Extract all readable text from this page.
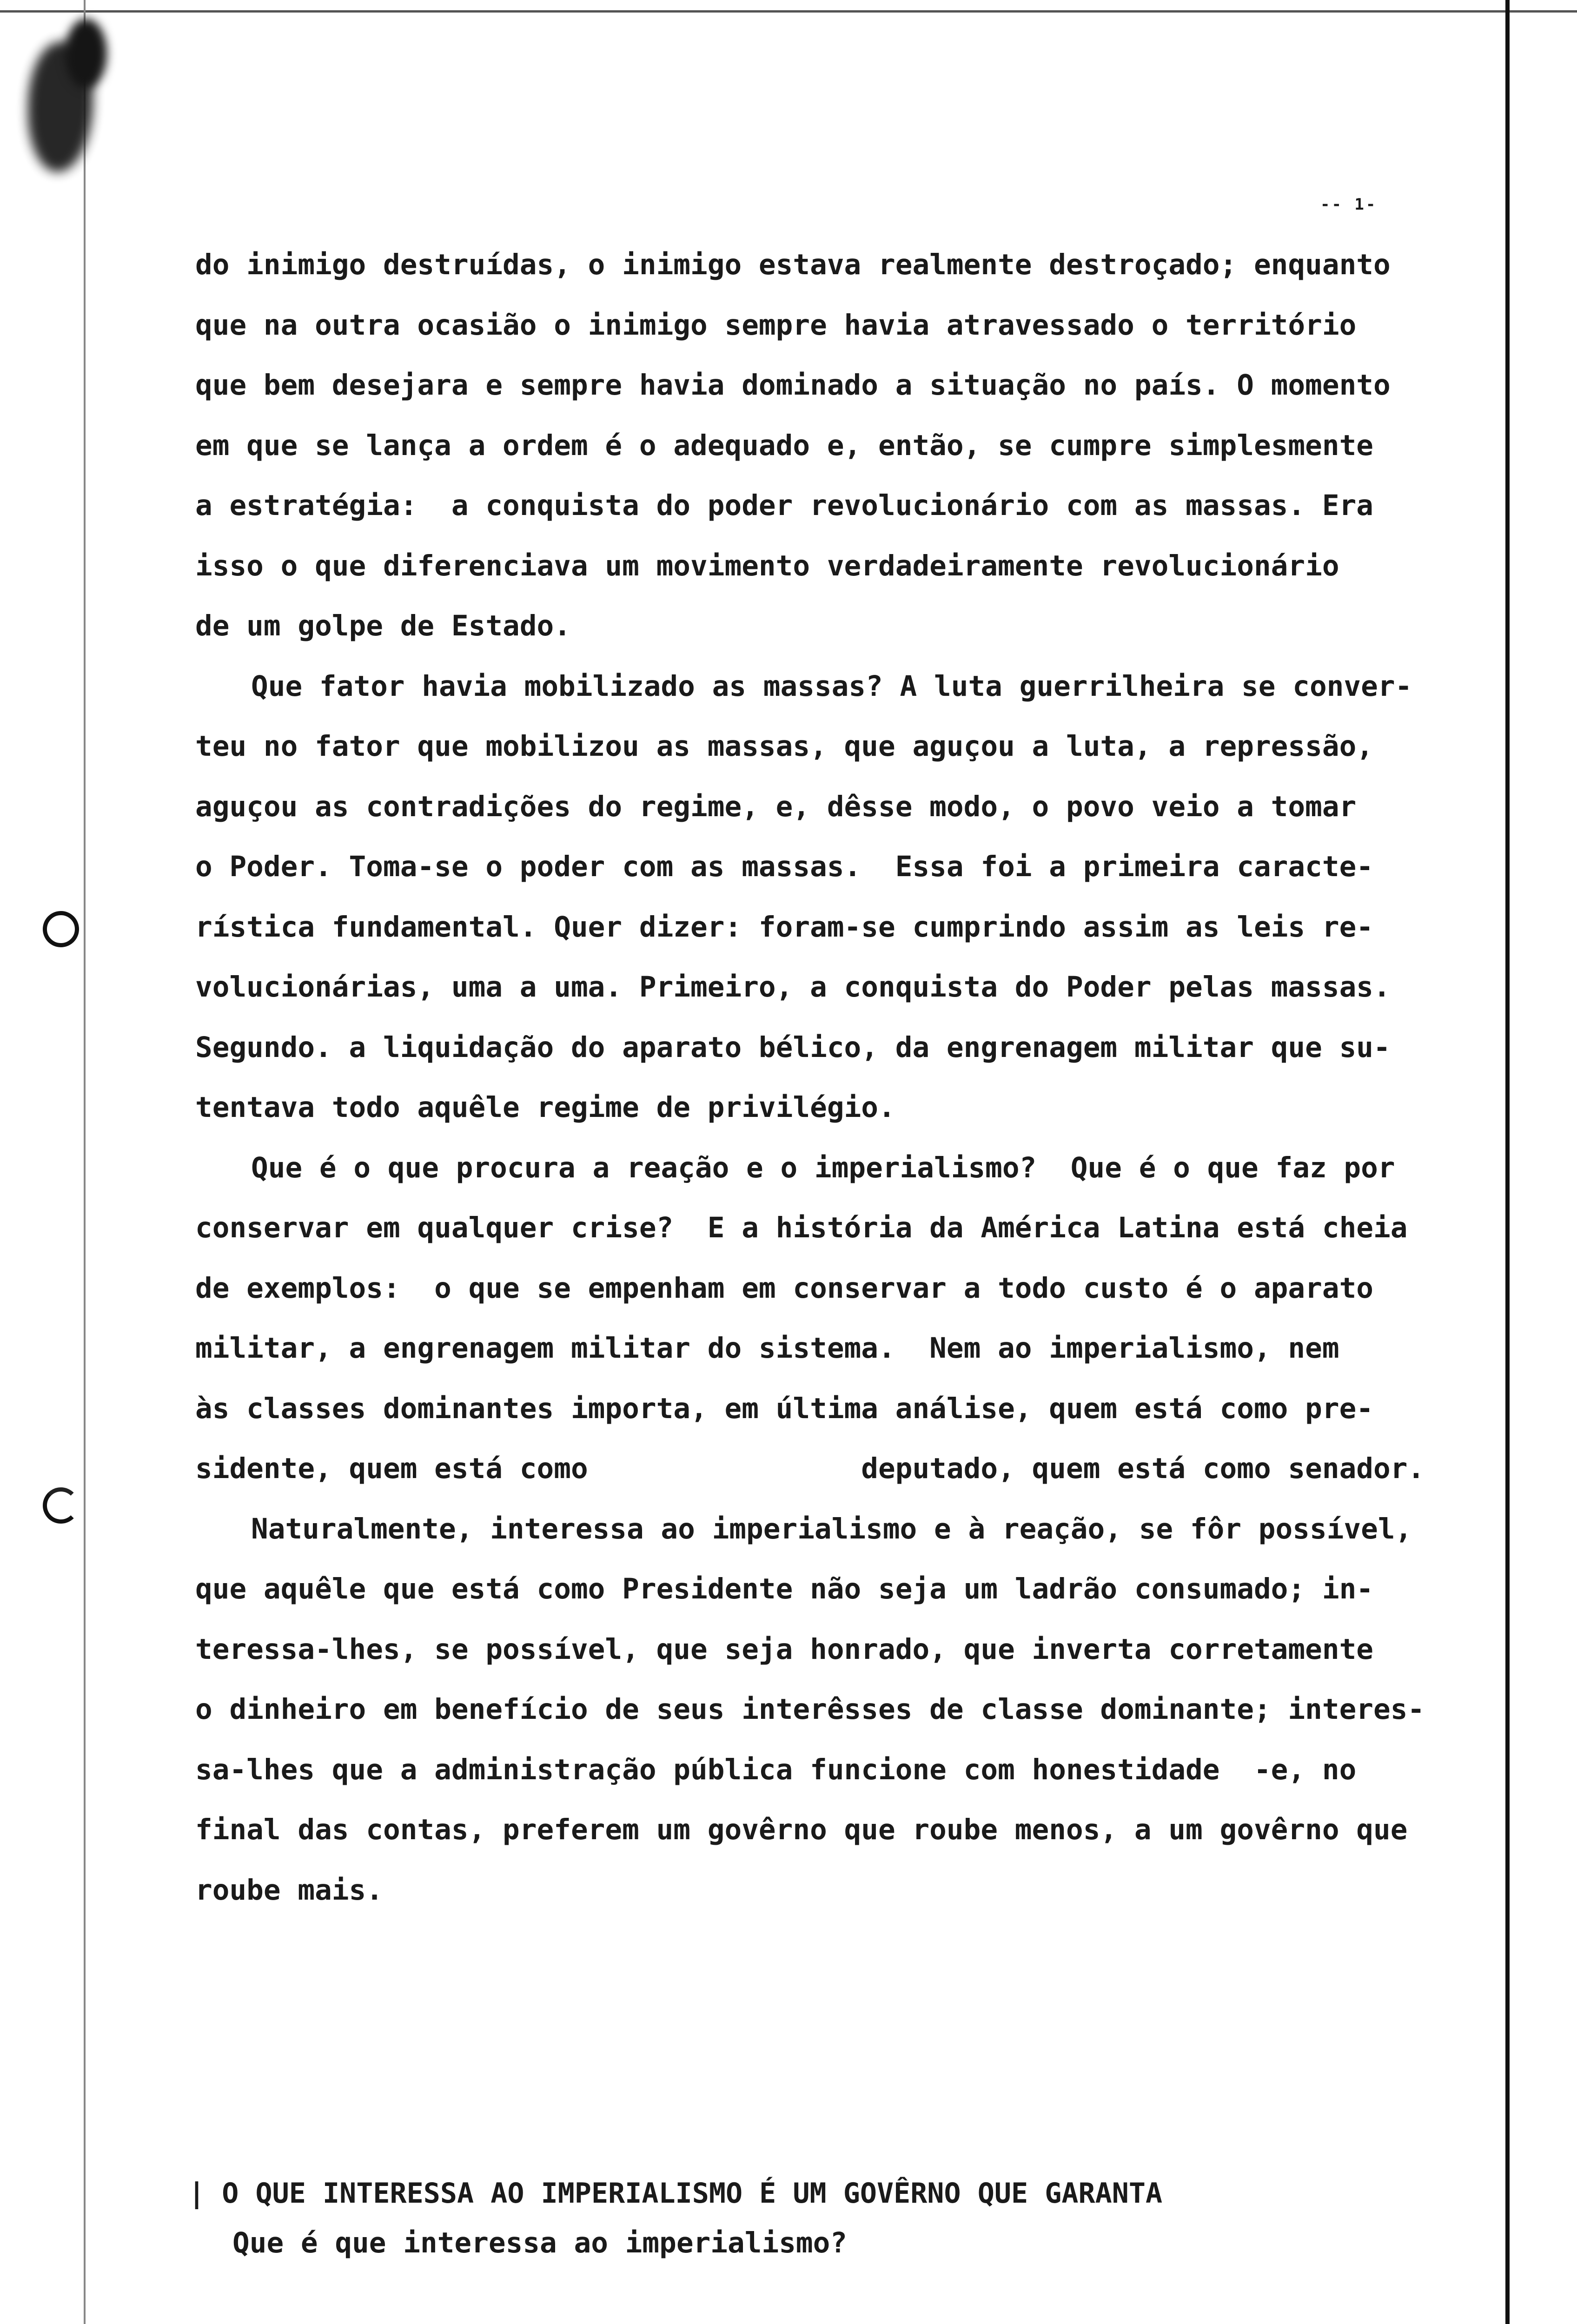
-- 1-
do inimigo destruídas, o inimigo estava realmente destroçado; enquanto
que na outra ocasião o inimigo sempre havia atravessado o território
que bem desejara e sempre havia dominado a situação no país. O momento
em que se lança a ordem é o adequado e, então, se cumpre simplesmente
a estratégia:  a conquista do poder revolucionário com as massas. Era
isso o que diferenciava um movimento verdadeiramente revolucionário
de um golpe de Estado.
Que fator havia mobilizado as massas? A luta guerrilheira se conver-
teu no fator que mobilizou as massas, que aguçou a luta, a repressão,
aguçou as contradições do regime, e, dêsse modo, o povo veio a tomar
o Poder. Toma-se o poder com as massas.  Essa foi a primeira caracte-
rística fundamental. Quer dizer: foram-se cumprindo assim as leis re-
volucionárias, uma a uma. Primeiro, a conquista do Poder pelas massas.
Segundo. a liquidação do aparato bélico, da engrenagem militar que su-
tentava todo aquêle regime de privilégio.
Que é o que procura a reação e o imperialismo?  Que é o que faz por
conservar em qualquer crise?  E a história da América Latina está cheia
de exemplos:  o que se empenham em conservar a todo custo é o aparato
militar, a engrenagem militar do sistema.  Nem ao imperialismo, nem
às classes dominantes importa, em última análise, quem está como pre-
sidente, quem está como                deputado, quem está como senador.
Naturalmente, interessa ao imperialismo e à reação, se fôr possível,
que aquêle que está como Presidente não seja um ladrão consumado; in-
teressa-lhes, se possível, que seja honrado, que inverta corretamente
o dinheiro em benefício de seus interêsses de classe dominante; interes-
sa-lhes que a administração pública funcione com honestidade  -e, no
final das contas, preferem um govêrno que roube menos, a um govêrno que
roube mais.

| O QUE INTERESSA AO IMPERIALISMO É UM GOVÊRNO QUE GARANTA

Que é que interessa ao imperialismo?
